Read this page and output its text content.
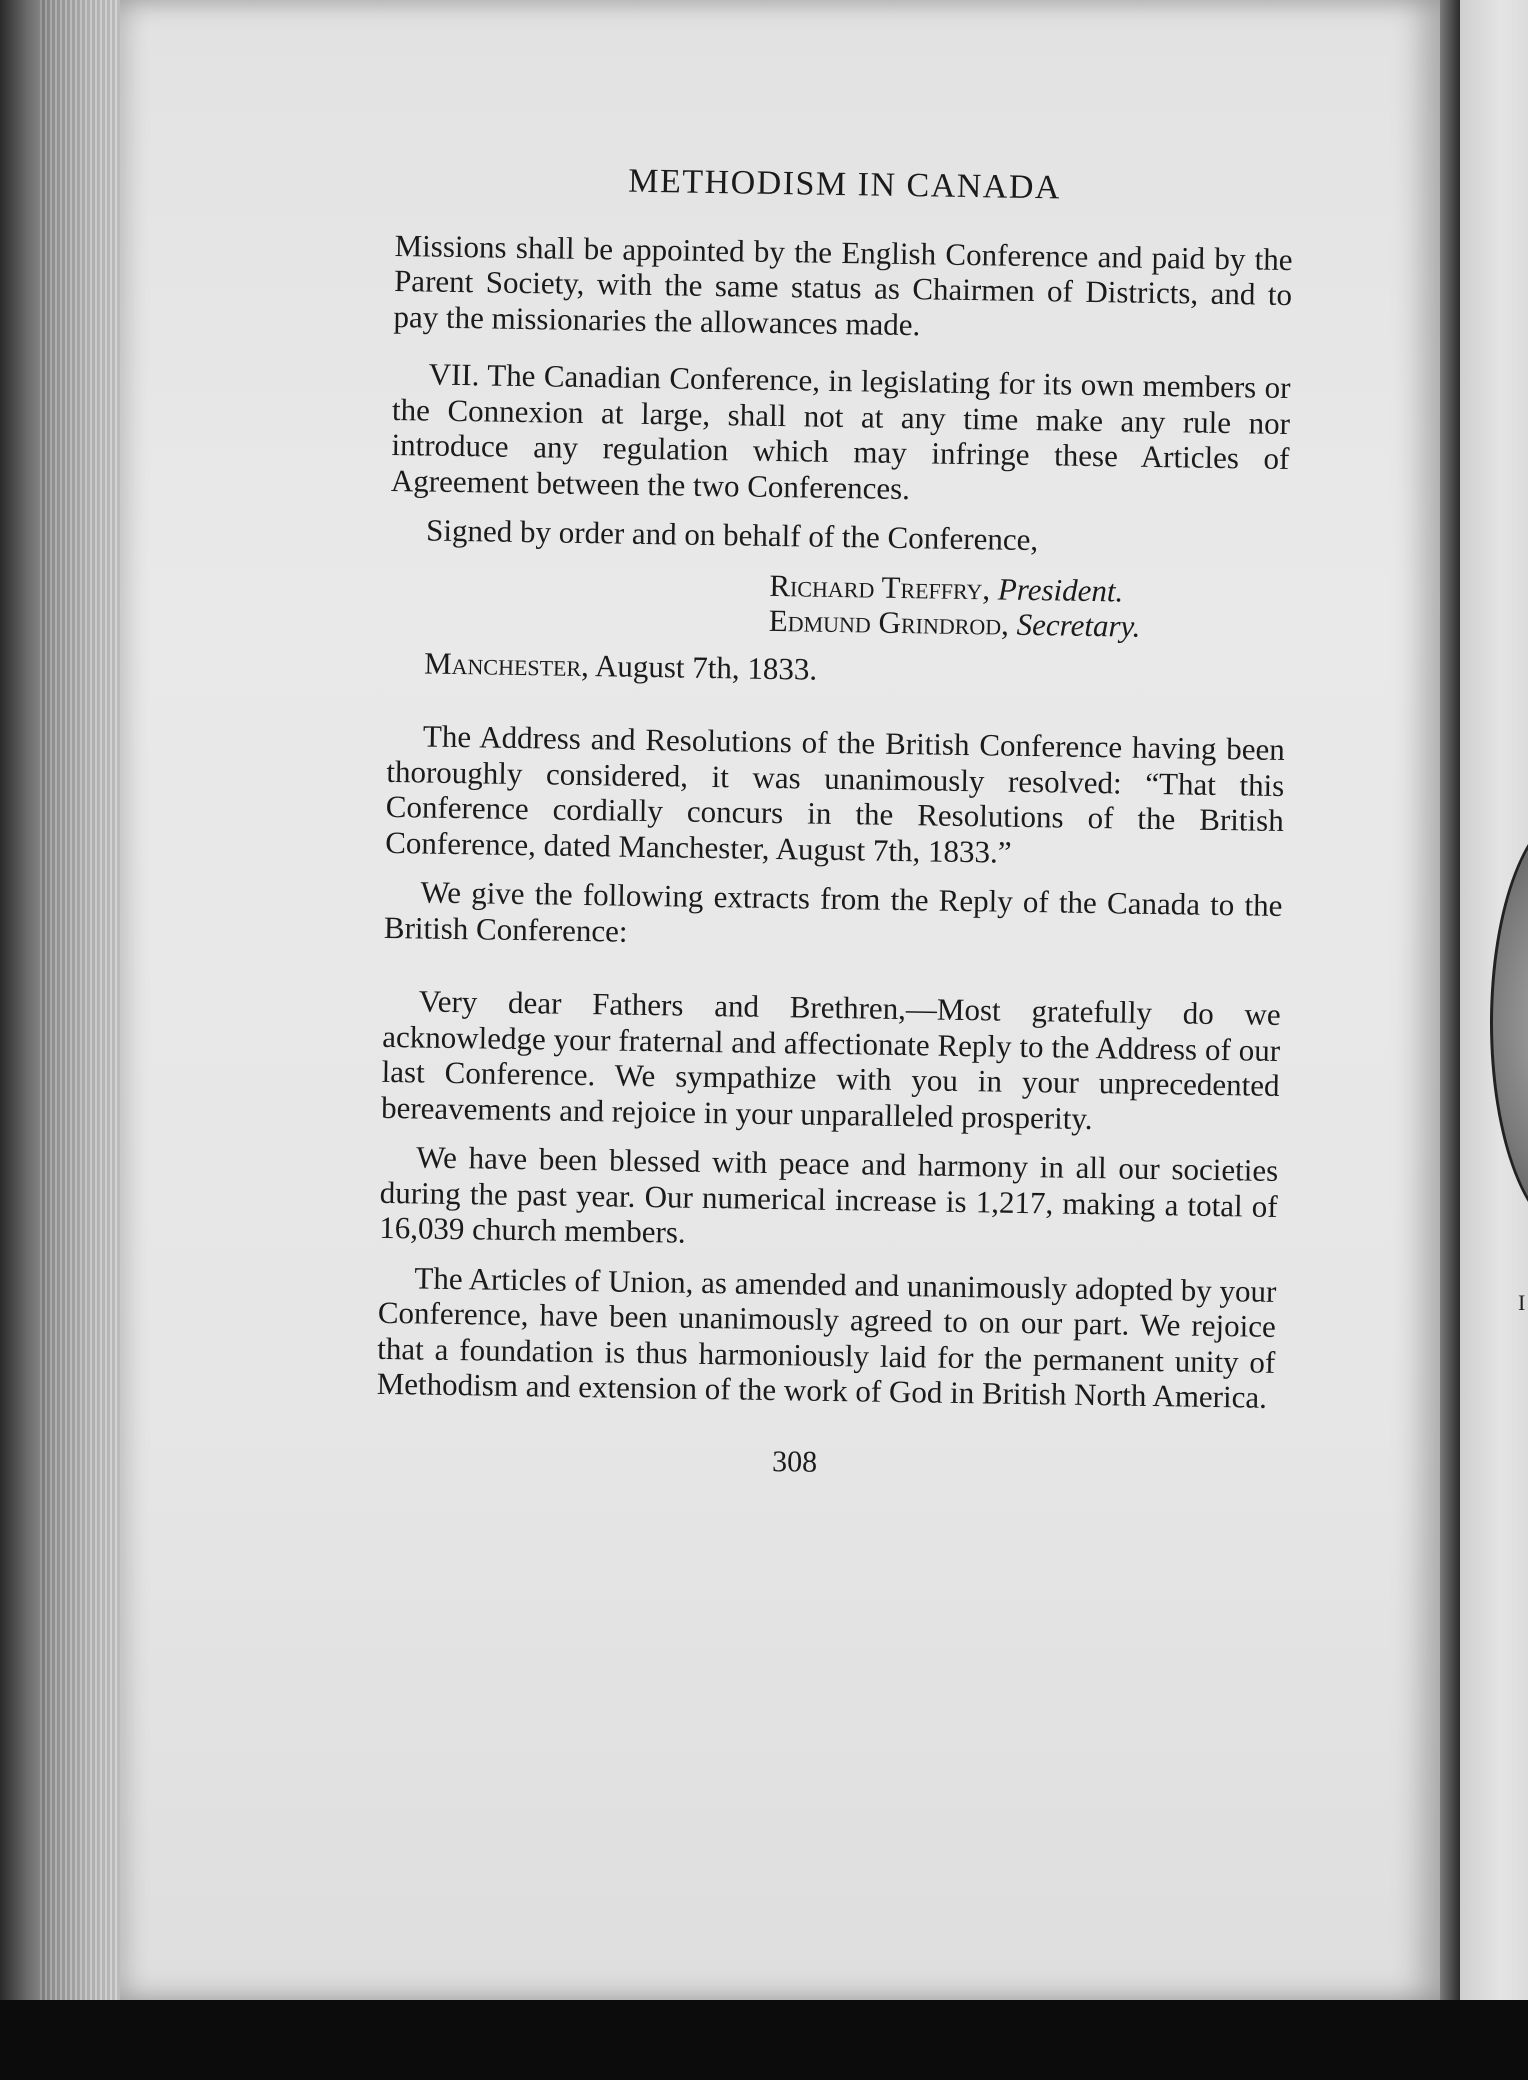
I
METHODISM IN CANADA

Missions shall be appointed by the English Conference and paid by the Parent Society, with the same status as Chairmen of Districts, and to pay the missionaries the allowances made.

VII. The Canadian Conference, in legislating for its own members or the Connexion at large, shall not at any time make any rule nor introduce any regulation which may infringe these Articles of Agreement between the two Conferences.

Signed by order and on behalf of the Conference,

Richard Treffry, President.
Edmund Grindrod, Secretary.
Manchester, August 7th, 1833.

The Address and Resolutions of the British Conference having been thoroughly considered, it was unanimously resolved: “That this Conference cordially concurs in the Resolutions of the British Conference, dated Manchester, August 7th, 1833.”

We give the following extracts from the Reply of the Canada to the British Conference:

Very dear Fathers and Brethren,—Most gratefully do we acknowledge your fraternal and affectionate Reply to the Address of our last Conference. We sympathize with you in your unprecedented bereavements and rejoice in your unparalleled prosperity.

We have been blessed with peace and harmony in all our societies during the past year. Our numerical increase is 1,217, making a total of 16,039 church members.

The Articles of Union, as amended and unanimously adopted by your Conference, have been unanimously agreed to on our part. We rejoice that a foundation is thus harmoniously laid for the permanent unity of Methodism and extension of the work of God in British North America.

308
